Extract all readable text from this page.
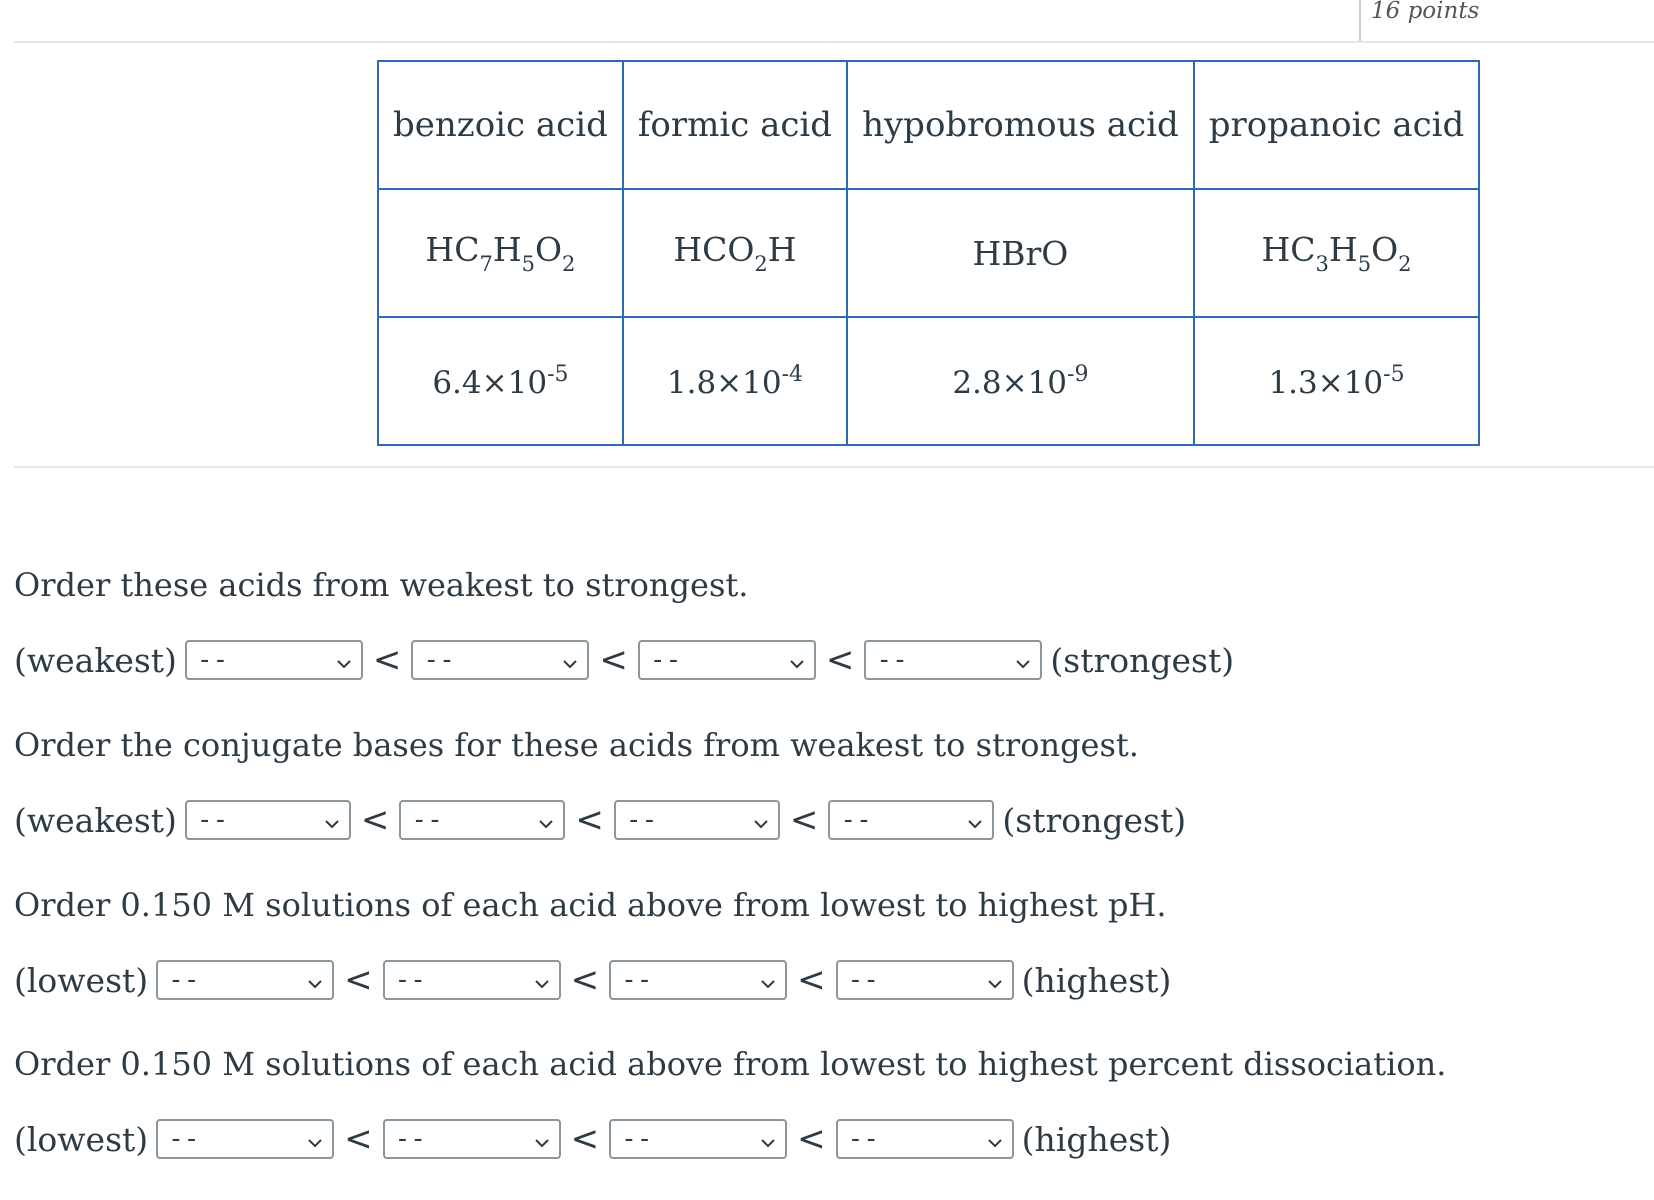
16 points
benzoic acid	formic acid	hypobromous acid	propanoic acid
$HC_7H_5O_2$	$HCO_2H$	HBrO	$HC_3H_5O_2$
$6.4\times 10^{-5}$	$1.8\times 10^{-4}$	$2.8\times 10^{-9}$	$1.3\times 10^{-5}$
Order these acids from weakest to strongest.
(weakest) --	< --	< --	< --	(strongest)
Order the conjugate bases for these acids from weakest to strongest.
(weakest) --	< --	< --	< --	(strongest)
Order 0.150 M solutions of each acid above from lowest to highest pH.
(lowest) --	< --	< --	< --	(highest)
Order 0.150 M solutions of each acid above from lowest to highest percent dissociation.
(lowest) --	< --	< --	< --	(highest)
